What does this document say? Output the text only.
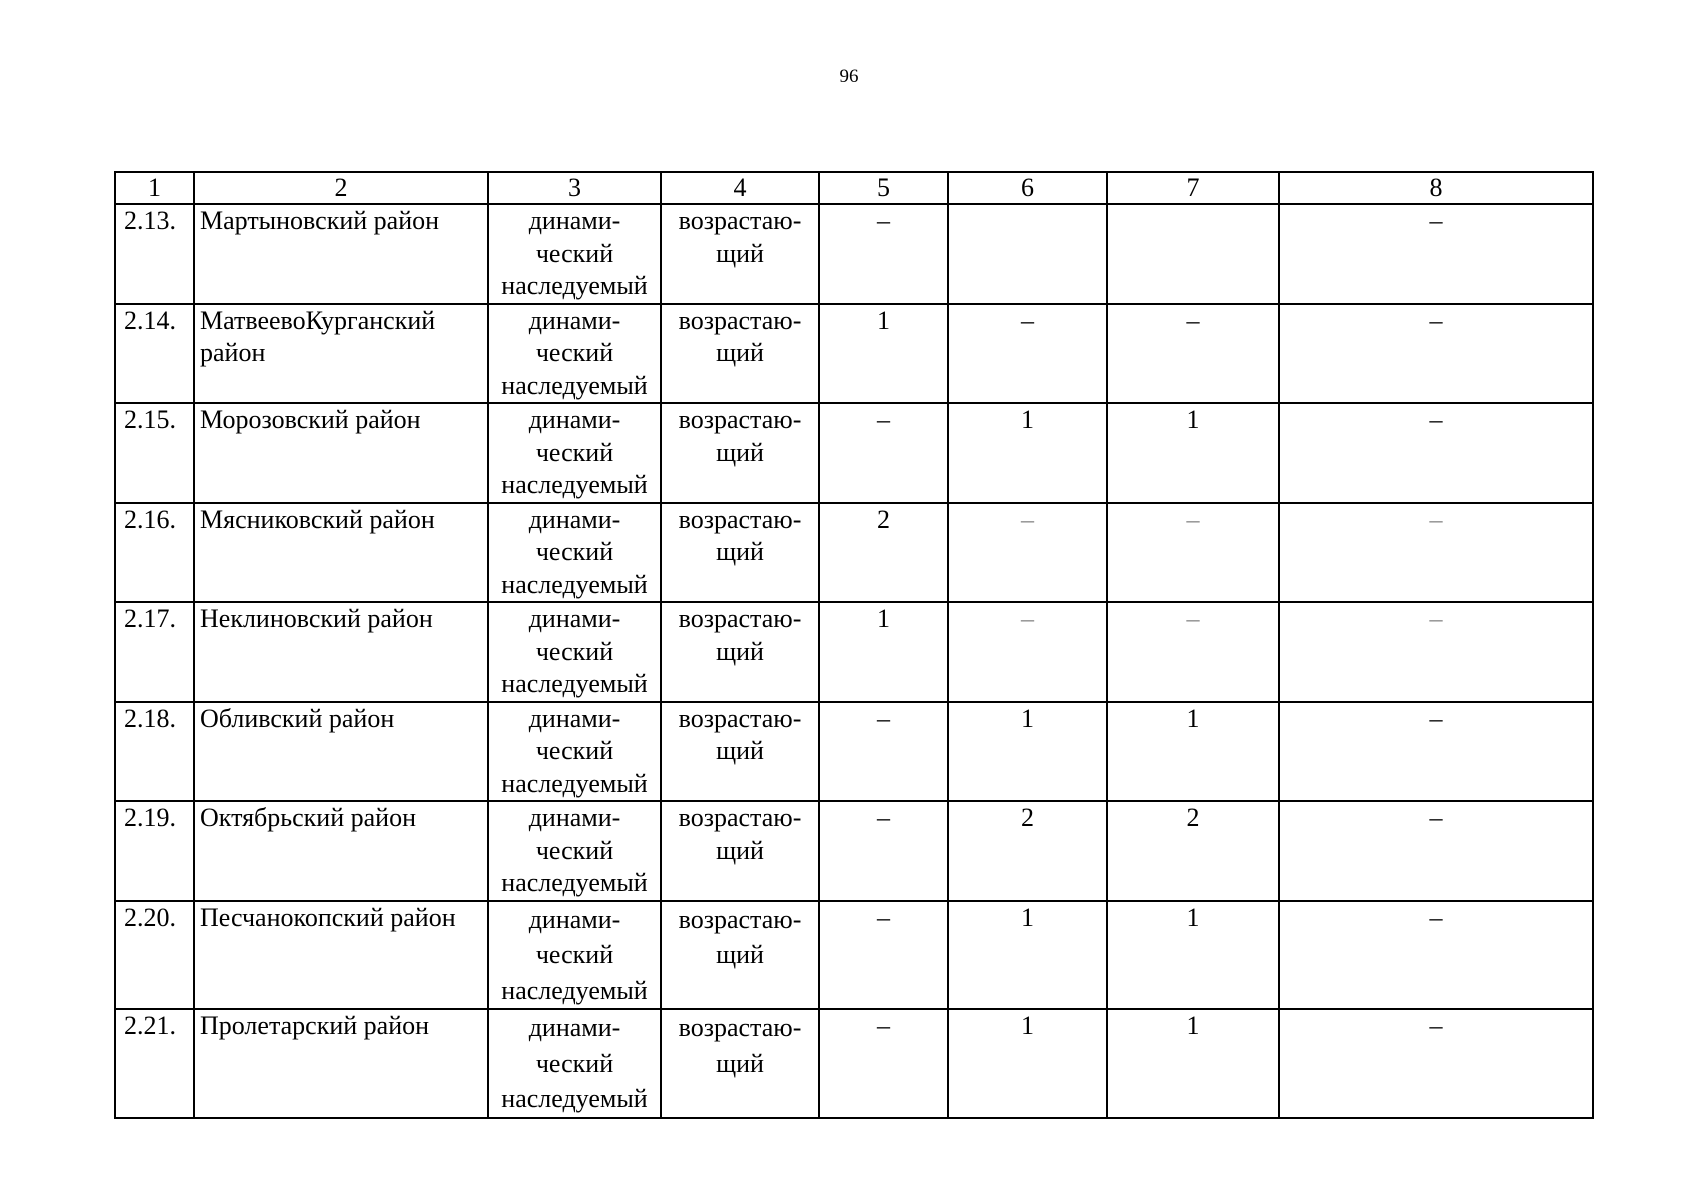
96
1	2	3	4	5	6	7	8
2.13.	Мартыновский район	динами-
ческий
наследуемый	возрастаю-
щий	–			–
2.14.	МатвеевоКурганский район	динами-
ческий
наследуемый	возрастаю-
щий	1	–	–	–
2.15.	Морозовский район	динами-
ческий
наследуемый	возрастаю-
щий	–	1	1	–
2.16.	Мясниковский район	динами-
ческий
наследуемый	возрастаю-
щий	2	–	–	–
2.17.	Неклиновский район	динами-
ческий
наследуемый	возрастаю-
щий	1	–	–	–
2.18.	Обливский район	динами-
ческий
наследуемый	возрастаю-
щий	–	1	1	–
2.19.	Октябрьский район	динами-
ческий
наследуемый	возрастаю-
щий	–	2	2	–
2.20.	Песчанокопский район	динами-
ческий
наследуемый	возрастаю-
щий	–	1	1	–
2.21.	Пролетарский район	динами-
ческий
наследуемый	возрастаю-
щий	–	1	1	–
